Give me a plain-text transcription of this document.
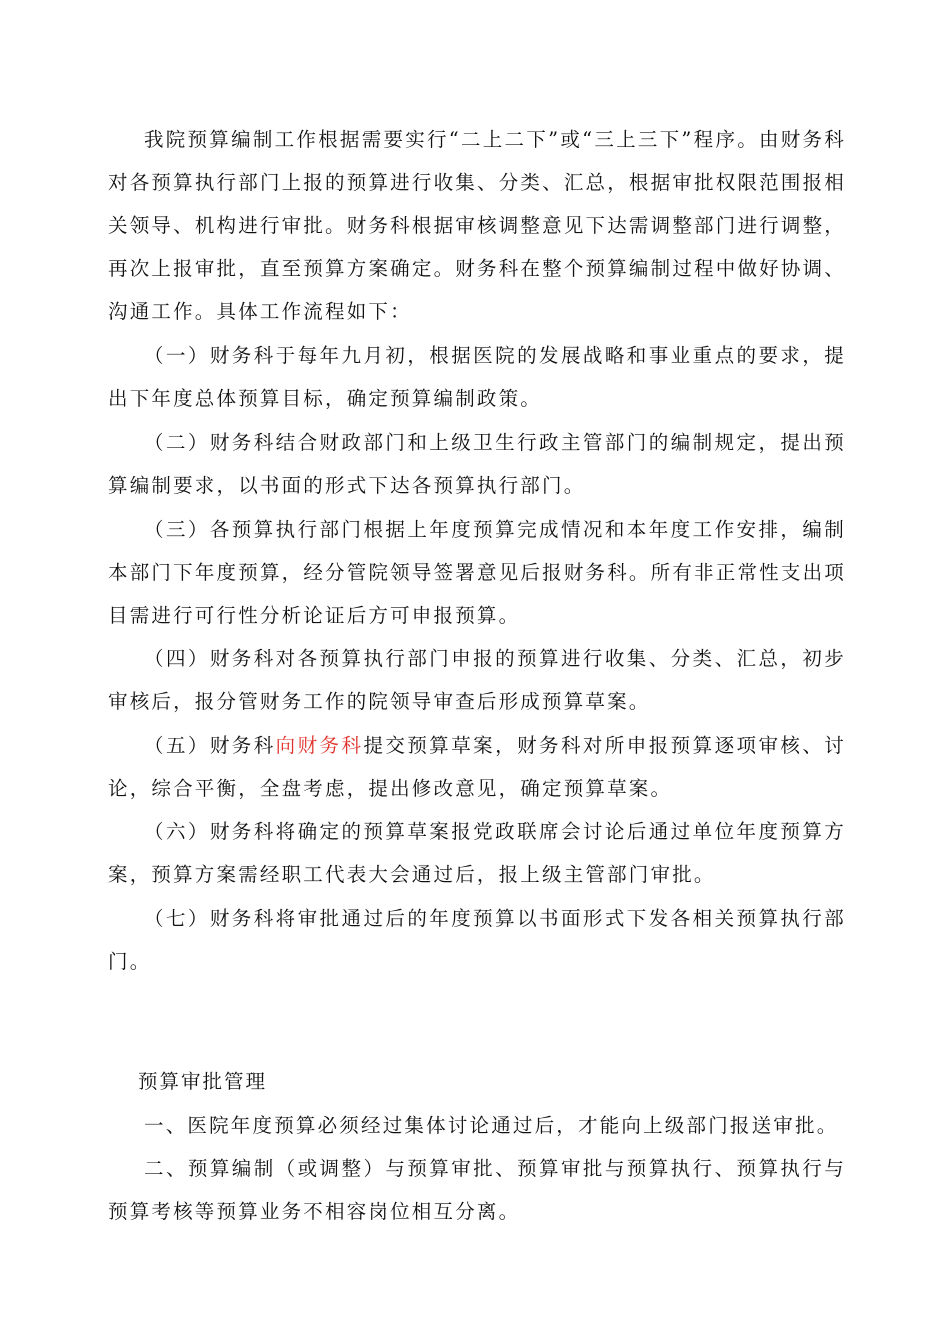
我院预算编制工作根据需要实行“二上二下”或“三上三下”程序。由财务科对各预算执行部门上报的预算进行收集、分类、汇总，根据审批权限范围报相关领导、机构进行审批。财务科根据审核调整意见下达需调整部门进行调整，再次上报审批，直至预算方案确定。财务科在整个预算编制过程中做好协调、沟通工作。具体工作流程如下：

（一）财务科于每年九月初，根据医院的发展战略和事业重点的要求，提出下年度总体预算目标，确定预算编制政策。

（二）财务科结合财政部门和上级卫生行政主管部门的编制规定，提出预算编制要求，以书面的形式下达各预算执行部门。

（三）各预算执行部门根据上年度预算完成情况和本年度工作安排，编制本部门下年度预算，经分管院领导签署意见后报财务科。所有非正常性支出项目需进行可行性分析论证后方可申报预算。

（四）财务科对各预算执行部门申报的预算进行收集、分类、汇总，初步审核后，报分管财务工作的院领导审查后形成预算草案。

（五）财务科向财务科提交预算草案，财务科对所申报预算逐项审核、讨论，综合平衡，全盘考虑，提出修改意见，确定预算草案。

（六）财务科将确定的预算草案报党政联席会讨论后通过单位年度预算方案，预算方案需经职工代表大会通过后，报上级主管部门审批。

（七）财务科将审批通过后的年度预算以书面形式下发各相关预算执行部门。

预算审批管理

一、医院年度预算必须经过集体讨论通过后，才能向上级部门报送审批。

二、预算编制（或调整）与预算审批、预算审批与预算执行、预算执行与预算考核等预算业务不相容岗位相互分离。
